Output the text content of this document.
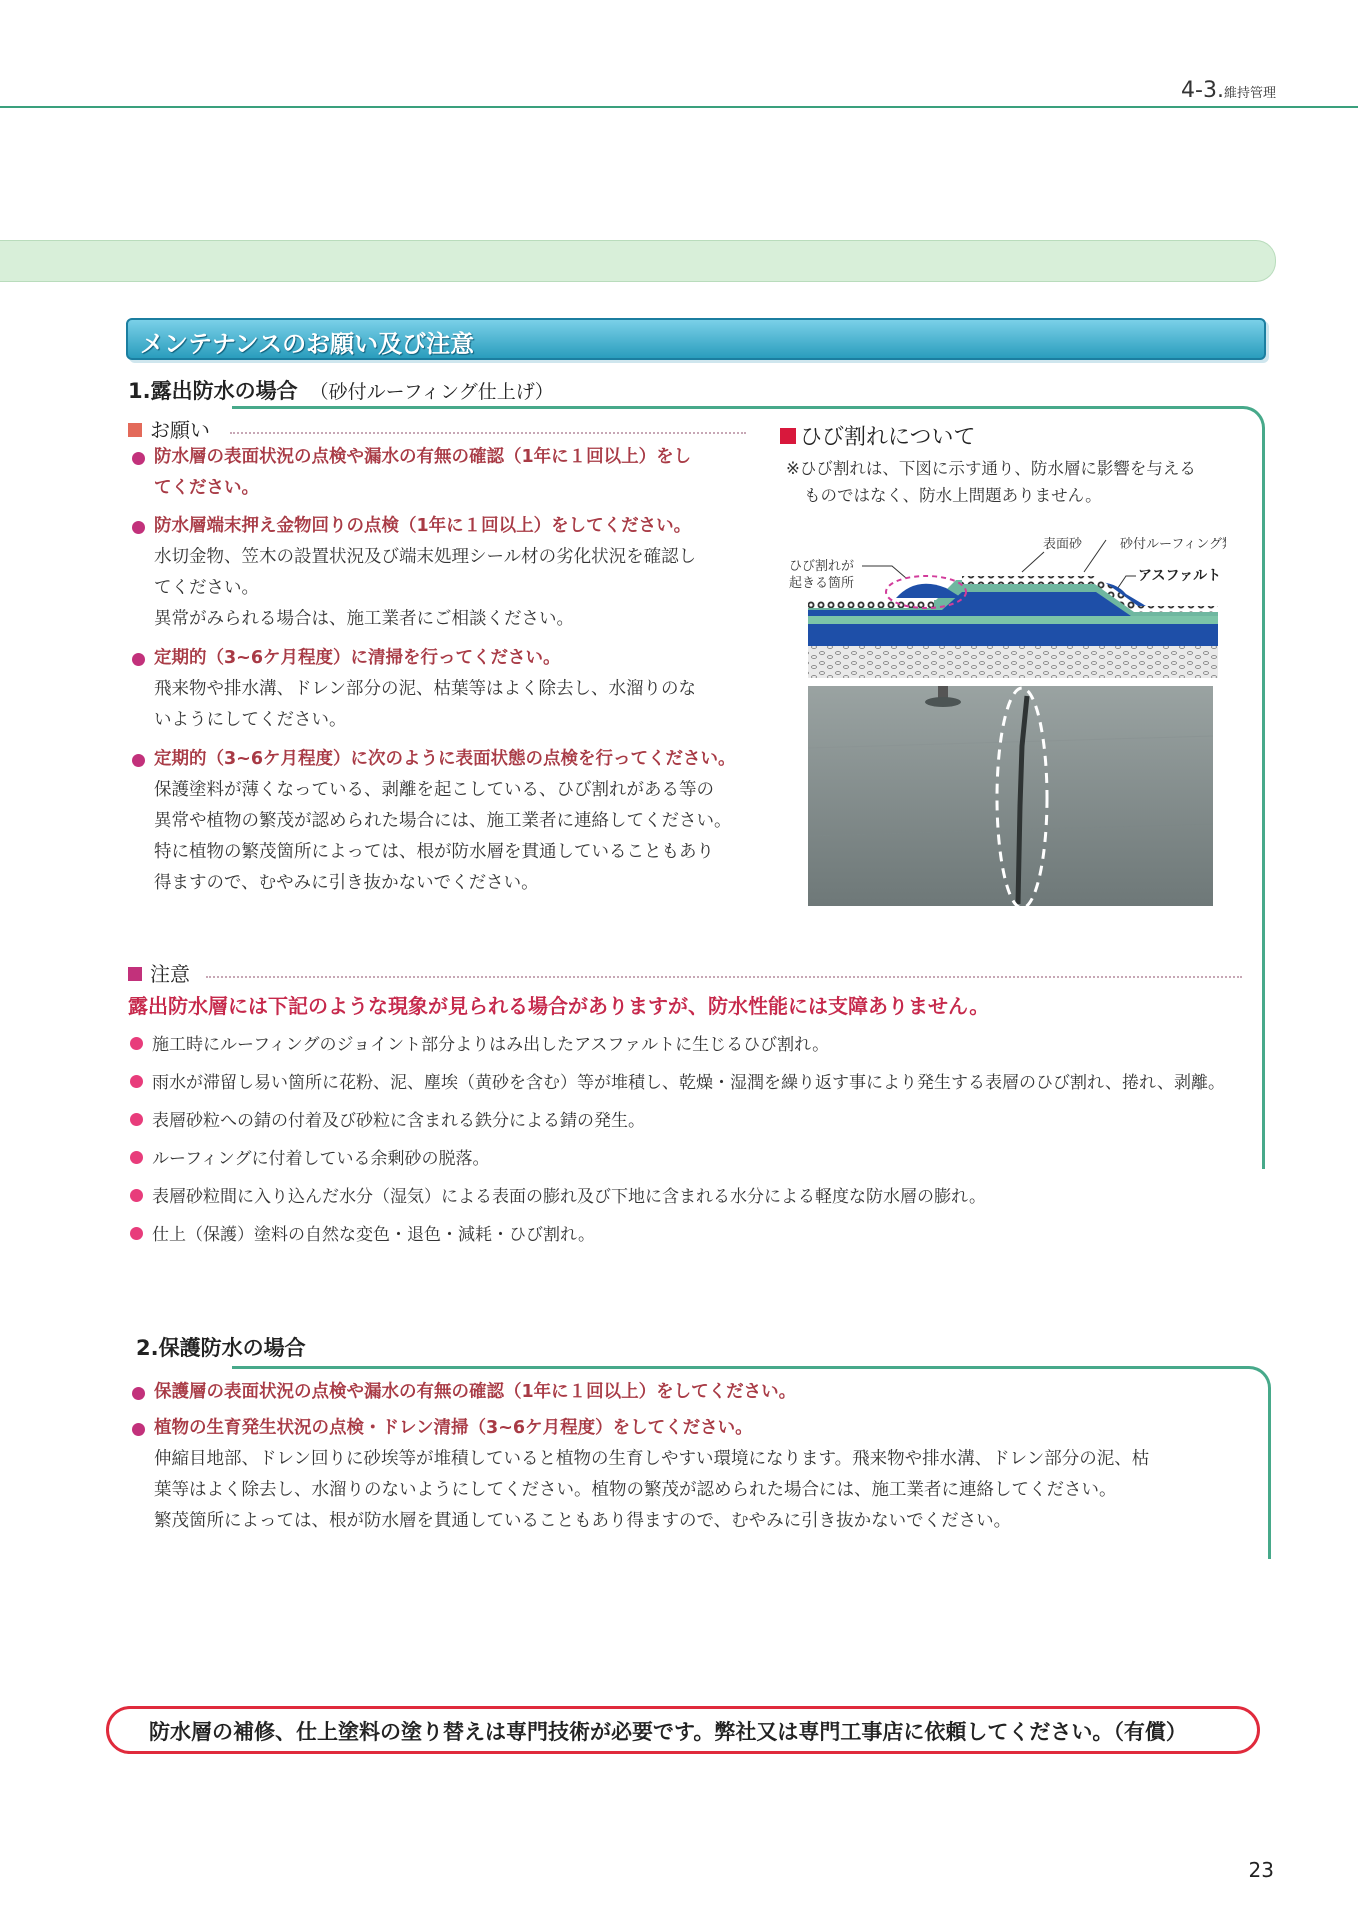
4-3.維持管理
メンテナンスのお願い及び注意
1.露出防水の場合 （砂付ルーフィング仕上げ）
お願い
防水層の表面状況の点検や漏水の有無の確認（1年に１回以上）をし
てください。
防水層端末押え金物回りの点検（1年に１回以上）をしてください。
水切金物、笠木の設置状況及び端末処理シール材の劣化状況を確認し
てください。
異常がみられる場合は、施工業者にご相談ください。
定期的（3~6ケ月程度）に清掃を行ってください。
飛来物や排水溝、ドレン部分の泥、枯葉等はよく除去し、水溜りのな
いようにしてください。
定期的（3~6ケ月程度）に次のように表面状態の点検を行ってください。
保護塗料が薄くなっている、剥離を起こしている、ひび割れがある等の
異常や植物の繁茂が認められた場合には、施工業者に連絡してください。
特に植物の繁茂箇所によっては、根が防水層を貫通していることもあり
得ますので、むやみに引き抜かないでください。
ひび割れについて
※ひび割れは、下図に示す通り、防水層に影響を与える
ものではなく、防水上問題ありません。
ひび割れが
起きる箇所
表面砂	砂付ルーフィング類
アスファルト
注意
露出防水層には下記のような現象が見られる場合がありますが、防水性能には支障ありません。
施工時にルーフィングのジョイント部分よりはみ出したアスファルトに生じるひび割れ。
雨水が滞留し易い箇所に花粉、泥、塵埃（黄砂を含む）等が堆積し、乾燥・湿潤を繰り返す事により発生する表層のひび割れ、捲れ、剥離。
表層砂粒への錆の付着及び砂粒に含まれる鉄分による錆の発生。
ルーフィングに付着している余剰砂の脱落。
表層砂粒間に入り込んだ水分（湿気）による表面の膨れ及び下地に含まれる水分による軽度な防水層の膨れ。
仕上（保護）塗料の自然な変色・退色・減耗・ひび割れ。
2.保護防水の場合
保護層の表面状況の点検や漏水の有無の確認（1年に１回以上）をしてください。
植物の生育発生状況の点検・ドレン清掃（3~6ケ月程度）をしてください。
伸縮目地部、ドレン回りに砂埃等が堆積していると植物の生育しやすい環境になります。飛来物や排水溝、ドレン部分の泥、枯
葉等はよく除去し、水溜りのないようにしてください。植物の繁茂が認められた場合には、施工業者に連絡してください。
繁茂箇所によっては、根が防水層を貫通していることもあり得ますので、むやみに引き抜かないでください。
防水層の補修、仕上塗料の塗り替えは専門技術が必要です。弊社又は専門工事店に依頼してください。（有償）
23
